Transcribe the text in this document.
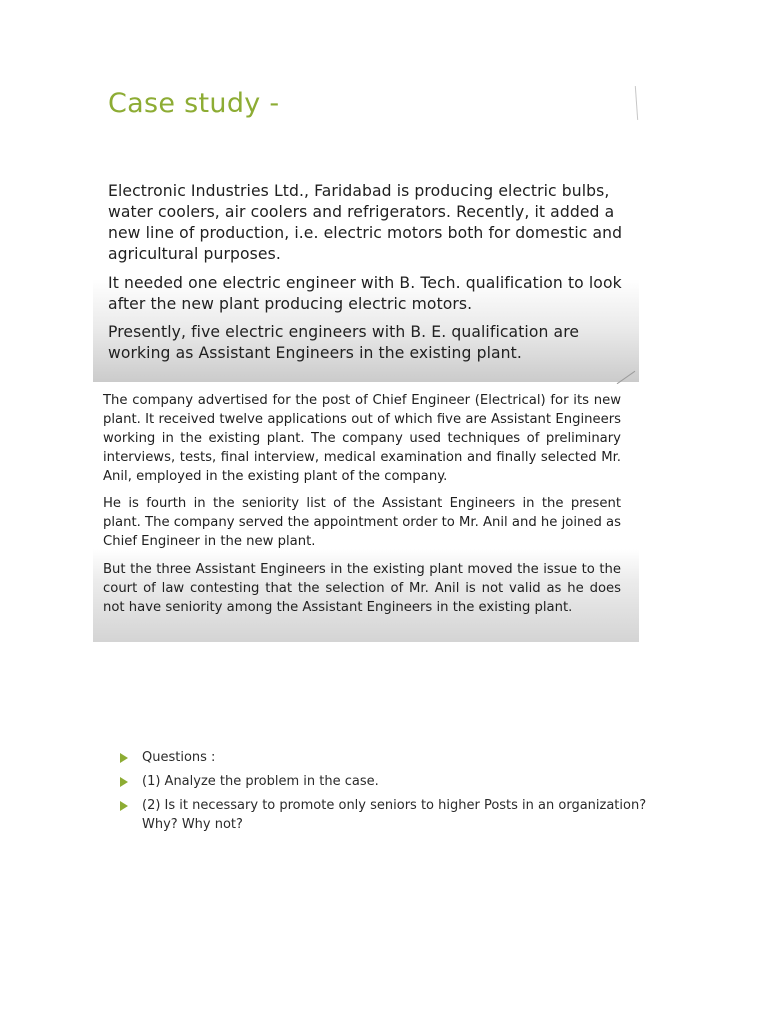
Case study -

Electronic Industries Ltd., Faridabad is producing electric bulbs, water coolers, air coolers and refrigerators. Recently, it added a new line of production, i.e. electric motors both for domestic and agricultural purposes.

It needed one electric engineer with B. Tech. qualification to look after the new plant producing electric motors.

Presently, five electric engineers with B. E. qualification are working as Assistant Engineers in the existing plant.

The company advertised for the post of Chief Engineer (Electrical) for its new plant. It received twelve applications out of which five are Assistant Engineers working in the existing plant. The company used techniques of preliminary interviews, tests, final interview, medical examination and finally selected Mr. Anil, employed in the existing plant of the company.

He is fourth in the seniority list of the Assistant Engineers in the present plant. The company served the appointment order to Mr. Anil and he joined as Chief Engineer in the new plant.

But the three Assistant Engineers in the existing plant moved the issue to the court of law contesting that the selection of Mr. Anil is not valid as he does not have seniority among the Assistant Engineers in the existing plant.

Questions :
(1) Analyze the problem in the case.
(2) Is it necessary to promote only seniors to higher Posts in an organization? Why? Why not?
